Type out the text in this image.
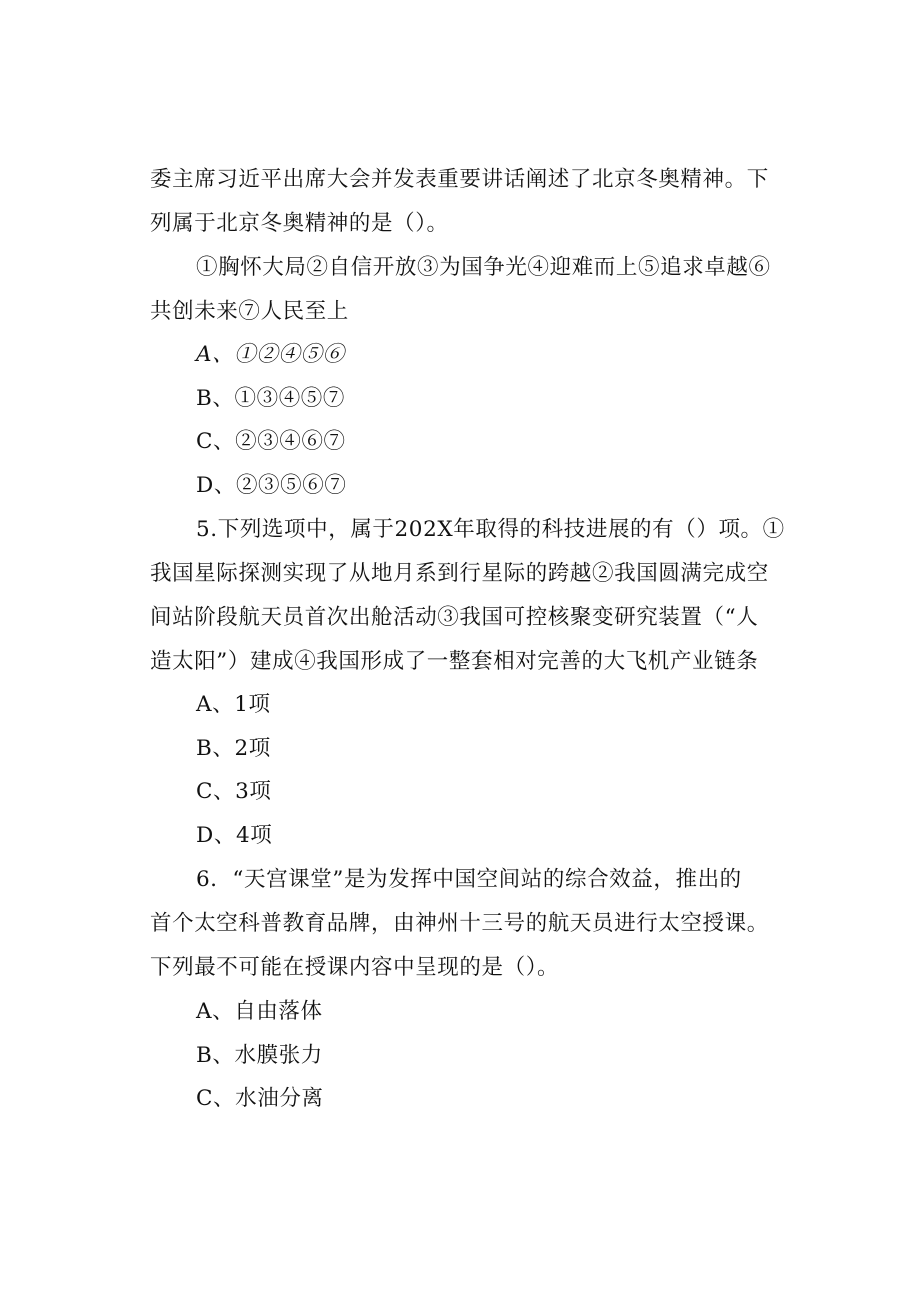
委主席习近平出席大会并发表重要讲话阐述了北京冬奥精神。下
列属于北京冬奥精神的是（）。
①胸怀大局②自信开放③为国争光④迎难而上⑤追求卓越⑥
共创未来⑦人民至上
A、①②④⑤⑥
B、①③④⑤⑦
C、②③④⑥⑦
D、②③⑤⑥⑦
5.下列选项中，属于202X年取得的科技进展的有（）项。①
我国星际探测实现了从地月系到行星际的跨越②我国圆满完成空
间站阶段航天员首次出舱活动③我国可控核聚变研究装置（“人
造太阳”）建成④我国形成了一整套相对完善的大飞机产业链条
A、1项
B、2项
C、3项
D、4项
6．“天宫课堂”是为发挥中国空间站的综合效益，推出的
首个太空科普教育品牌，由神州十三号的航天员进行太空授课。
下列最不可能在授课内容中呈现的是（）。
A、自由落体
B、水膜张力
C、水油分离
